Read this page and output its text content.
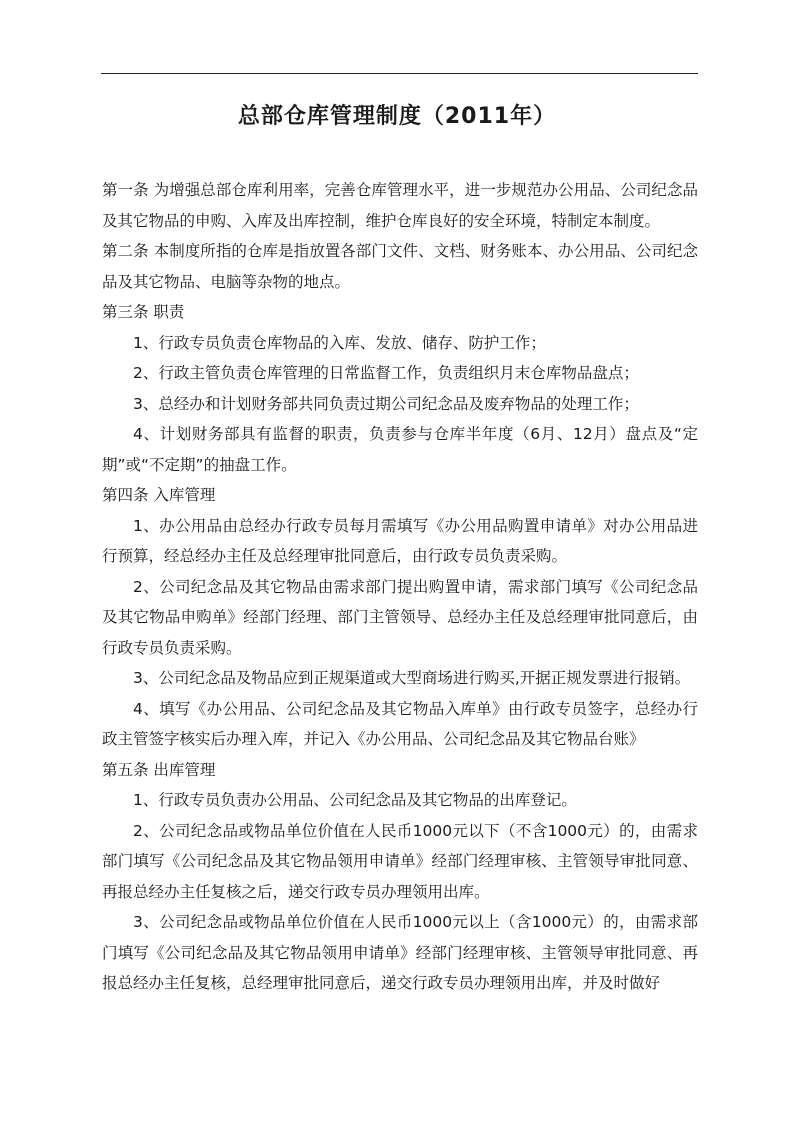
总部仓库管理制度（2011年）

第一条 为增强总部仓库利用率，完善仓库管理水平，进一步规范办公用品、公司纪念品及其它物品的申购、入库及出库控制，维护仓库良好的安全环境，特制定本制度。

第二条 本制度所指的仓库是指放置各部门文件、文档、财务账本、办公用品、公司纪念品及其它物品、电脑等杂物的地点。

第三条 职责

1、行政专员负责仓库物品的入库、发放、储存、防护工作；

2、行政主管负责仓库管理的日常监督工作，负责组织月末仓库物品盘点；

3、总经办和计划财务部共同负责过期公司纪念品及废弃物品的处理工作；

4、计划财务部具有监督的职责，负责参与仓库半年度（6月、12月）盘点及“定期”或“不定期”的抽盘工作。

第四条 入库管理

1、办公用品由总经办行政专员每月需填写《办公用品购置申请单》对办公用品进行预算，经总经办主任及总经理审批同意后，由行政专员负责采购。

2、公司纪念品及其它物品由需求部门提出购置申请，需求部门填写《公司纪念品及其它物品申购单》经部门经理、部门主管领导、总经办主任及总经理审批同意后，由行政专员负责采购。

3、公司纪念品及物品应到正规渠道或大型商场进行购买,开据正规发票进行报销。

4、填写《办公用品、公司纪念品及其它物品入库单》由行政专员签字，总经办行政主管签字核实后办理入库，并记入《办公用品、公司纪念品及其它物品台账》

第五条 出库管理

1、行政专员负责办公用品、公司纪念品及其它物品的出库登记。

2、公司纪念品或物品单位价值在人民币1000元以下（不含1000元）的，由需求部门填写《公司纪念品及其它物品领用申请单》经部门经理审核、主管领导审批同意、再报总经办主任复核之后，递交行政专员办理领用出库。

3、公司纪念品或物品单位价值在人民币1000元以上（含1000元）的，由需求部门填写《公司纪念品及其它物品领用申请单》经部门经理审核、主管领导审批同意、再报总经办主任复核，总经理审批同意后，递交行政专员办理领用出库，并及时做好
